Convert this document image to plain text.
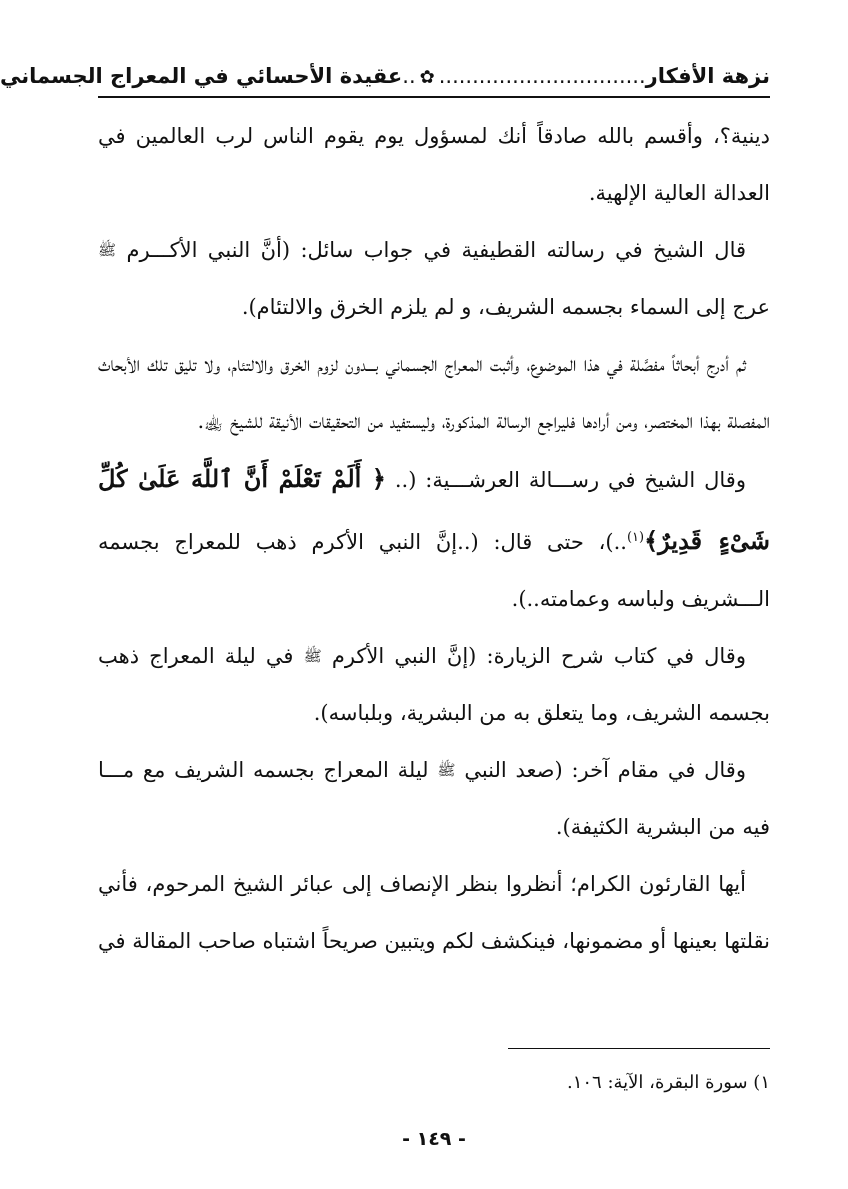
نزهة الأفكار...............................✿..عقيدة الأحسائي في المعراج الجسماني

دينية؟، وأقسم بالله صادقاً أنك لمسؤول يوم يقوم الناس لرب العالمين في العدالة العالية الإلهية.

قال الشيخ في رسالته القطيفية في جواب سائل: (أنَّ النبي الأكـــرم ﷺ عرج إلى السماء بجسمه الشريف، و لم يلزم الخرق والالتئام).

ثم أدرج أبحاثاً مفصَّلة في هذا الموضوع، وأثبت المعراج الجسماني بـــدون لزوم الخرق والالتئام، ولا تليق تلك الأبحاث المفصلة بهذا المختصر، ومن أرادها فليراجع الرسالة المذكورة، وليستفيد من التحقيقات الأنيقة للشيخ ﵀.

وقال الشيخ في رســـالة العرشـــية: (.. ﴿ أَلَمْ تَعْلَمْ أَنَّ ٱللَّهَ عَلَىٰ كُلِّ شَىْءٍ قَدِيرٌ﴾$^{(١)}$..)، حتى قال: (..إنَّ النبي الأكرم ذهب للمعراج بجسمه الـــشريف ولباسه وعمامته..).

وقال في كتاب شرح الزيارة: (إنَّ النبي الأكرم ﷺ في ليلة المعراج ذهب بجسمه الشريف، وما يتعلق به من البشرية، وبلباسه).

وقال في مقام آخر: (صعد النبي ﷺ ليلة المعراج بجسمه الشريف مع مـــا فيه من البشرية الكثيفة).

أيها القارئون الكرام؛ أنظروا بنظر الإنصاف إلى عبائر الشيخ المرحوم، فأني نقلتها بعينها أو مضمونها، فينكشف لكم ويتبين صريحاً اشتباه صاحب المقالة في

١) سورة البقرة، الآية: ١٠٦.
- ١٤٩ -
